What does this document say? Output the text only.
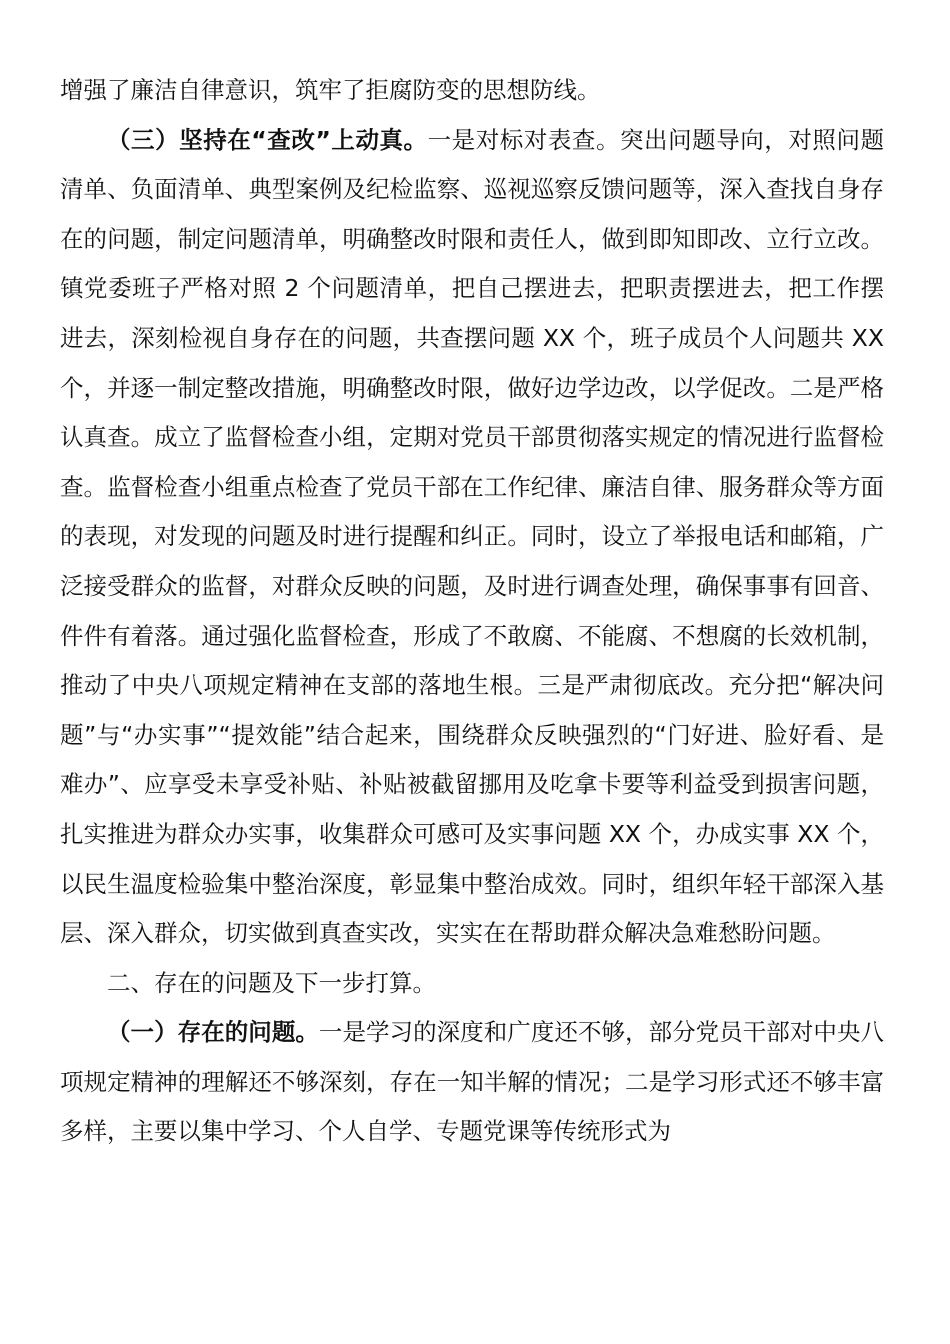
增强了廉洁自律意识，筑牢了拒腐防变的思想防线。

（三）坚持在“查改”上动真。一是对标对表查。突出问题导向，对照问题清单、负面清单、典型案例及纪检监察、巡视巡察反馈问题等，深入查找自身存在的问题，制定问题清单，明确整改时限和责任人，做到即知即改、立行立改。镇党委班子严格对照 2 个问题清单，把自己摆进去，把职责摆进去，把工作摆进去，深刻检视自身存在的问题，共查摆问题 XX 个，班子成员个人问题共 XX 个，并逐一制定整改措施，明确整改时限，做好边学边改，以学促改。二是严格认真查。成立了监督检查小组，定期对党员干部贯彻落实规定的情况进行监督检查。监督检查小组重点检查了党员干部在工作纪律、廉洁自律、服务群众等方面的表现，对发现的问题及时进行提醒和纠正。同时，设立了举报电话和邮箱，广泛接受群众的监督，对群众反映的问题，及时进行调查处理，确保事事有回音、件件有着落。通过强化监督检查，形成了不敢腐、不能腐、不想腐的长效机制，推动了中央八项规定精神在支部的落地生根。三是严肃彻底改。充分把“解决问题”与“办实事”“提效能”结合起来，围绕群众反映强烈的“门好进、脸好看、是难办”、应享受未享受补贴、补贴被截留挪用及吃拿卡要等利益受到损害问题，扎实推进为群众办实事，收集群众可感可及实事问题 XX 个，办成实事 XX 个，以民生温度检验集中整治深度，彰显集中整治成效。同时，组织年轻干部深入基层、深入群众，切实做到真查实改，实实在在帮助群众解决急难愁盼问题。

二、存在的问题及下一步打算。

（一）存在的问题。一是学习的深度和广度还不够，部分党员干部对中央八项规定精神的理解还不够深刻，存在一知半解的情况；二是学习形式还不够丰富多样，主要以集中学习、个人自学、专题党课等传统形式为
